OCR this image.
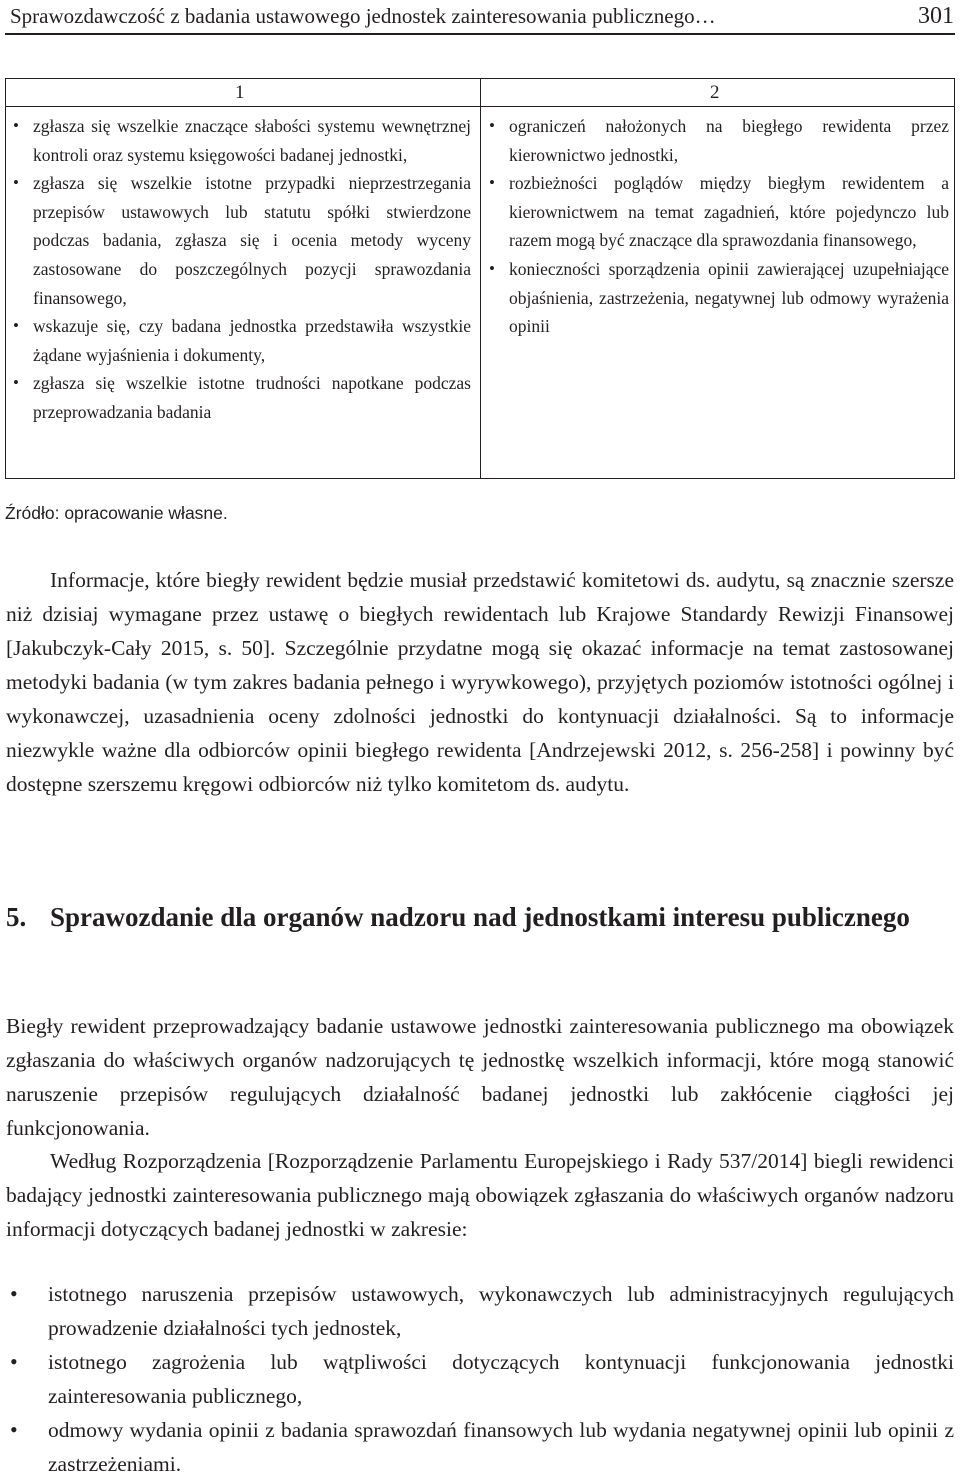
Sprawozdawczość z badania ustawowego jednostek zainteresowania publicznego…	301
1	2
• zgłasza się wszelkie znaczące słabości systemu wewnętrznej kontroli oraz systemu księgowości badanej jednostki,
• zgłasza się wszelkie istotne przypadki nieprzestrzegania przepisów ustawowych lub statutu spółki stwierdzone podczas badania, zgłasza się i ocenia metody wyceny zastosowane do poszczególnych pozycji sprawozdania finansowego,
• wskazuje się, czy badana jednostka przedstawiła wszystkie żądane wyjaśnienia i dokumenty,
• zgłasza się wszelkie istotne trudności napotkane podczas przeprowadzania badania
• ograniczeń nałożonych na biegłego rewidenta przez kierownictwo jednostki,
• rozbieżności poglądów między biegłym rewidentem a kierownictwem na temat zagadnień, które pojedynczo lub razem mogą być znaczące dla sprawozdania finansowego,
• konieczności sporządzenia opinii zawierającej uzupełniające objaśnienia, zastrzeżenia, negatywnej lub odmowy wyrażenia opinii
Źródło: opracowanie własne.

Informacje, które biegły rewident będzie musiał przedstawić komitetowi ds. audytu, są znacznie szersze niż dzisiaj wymagane przez ustawę o biegłych rewidentach lub Krajowe Standardy Rewizji Finansowej [Jakubczyk-Cały 2015, s. 50]. Szczególnie przydatne mogą się okazać informacje na temat zastosowanej metodyki badania (w tym zakres badania pełnego i wyrywkowego), przyjętych poziomów istotności ogólnej i wykonawczej, uzasadnienia oceny zdolności jednostki do kontynuacji działalności. Są to informacje niezwykle ważne dla odbiorców opinii biegłego rewidenta [Andrzejewski 2012, s. 256-258] i powinny być dostępne szerszemu kręgowi odbiorców niż tylko komitetom ds. audytu.

5. Sprawozdanie dla organów nadzoru nad jednostkami interesu publicznego

Biegły rewident przeprowadzający badanie ustawowe jednostki zainteresowania publicznego ma obowiązek zgłaszania do właściwych organów nadzorujących tę jednostkę wszelkich informacji, które mogą stanowić naruszenie przepisów regulujących działalność badanej jednostki lub zakłócenie ciągłości jej funkcjonowania.

Według Rozporządzenia [Rozporządzenie Parlamentu Europejskiego i Rady 537/2014] biegli rewidenci badający jednostki zainteresowania publicznego mają obowiązek zgłaszania do właściwych organów nadzoru informacji dotyczących badanej jednostki w zakresie:

• istotnego naruszenia przepisów ustawowych, wykonawczych lub administracyjnych regulujących prowadzenie działalności tych jednostek,
• istotnego zagrożenia lub wątpliwości dotyczących kontynuacji funkcjonowania jednostki zainteresowania publicznego,
• odmowy wydania opinii z badania sprawozdań finansowych lub wydania negatywnej opinii lub opinii z zastrzeżeniami.
